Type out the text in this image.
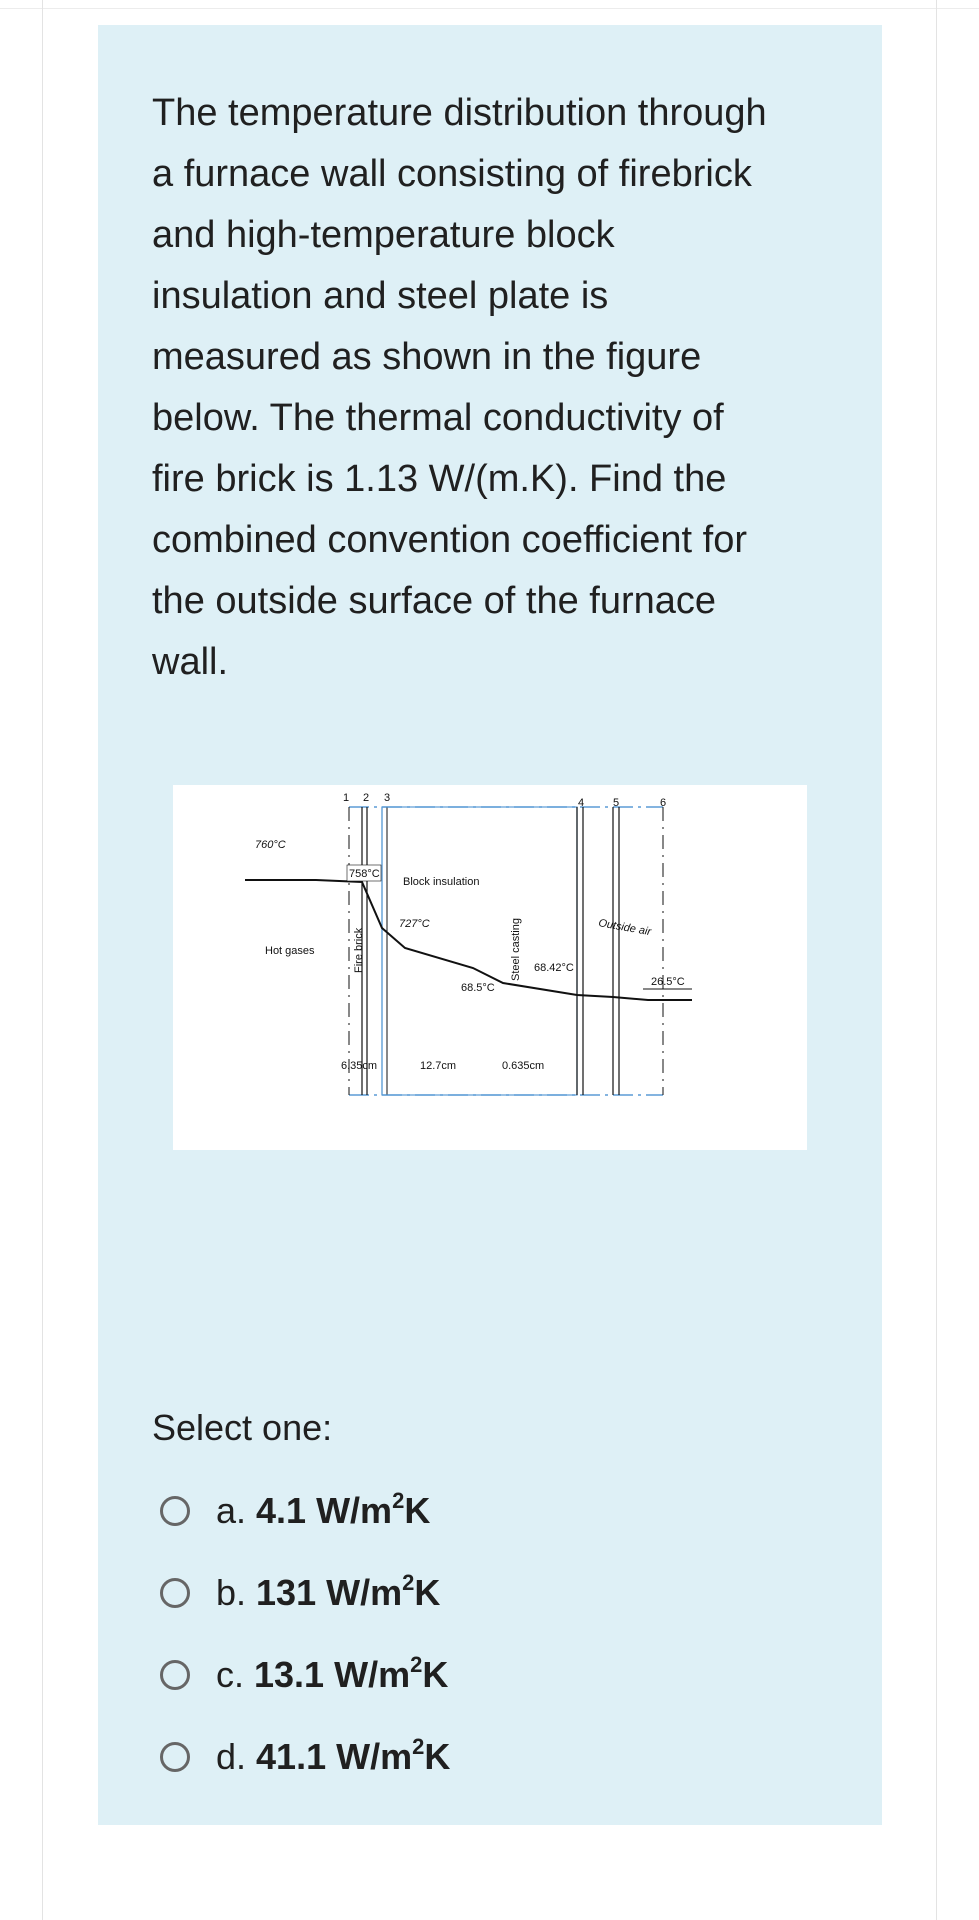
The temperature distribution through
a furnace wall consisting of firebrick
and high-temperature block
insulation and steel plate is
measured as shown in the figure
below. The thermal conductivity of
fire brick is 1.13 W/(m.K). Find the
combined convention coefficient for
the outside surface of the furnace
wall.
1 2 3	4	5	6
760°C
758°C
727°C
68.5°C
68.42°C
26.5°C
Hot gases
Block insulation
Outside air
Fire brick	Steel casting
6.35cm	12.7cm	0.635cm
Select one:
a. 4.1 $W/m^2K$
b. 131 $W/m^2K$
c. 13.1 $W/m^2K$
d. 41.1 $W/m^2K$
